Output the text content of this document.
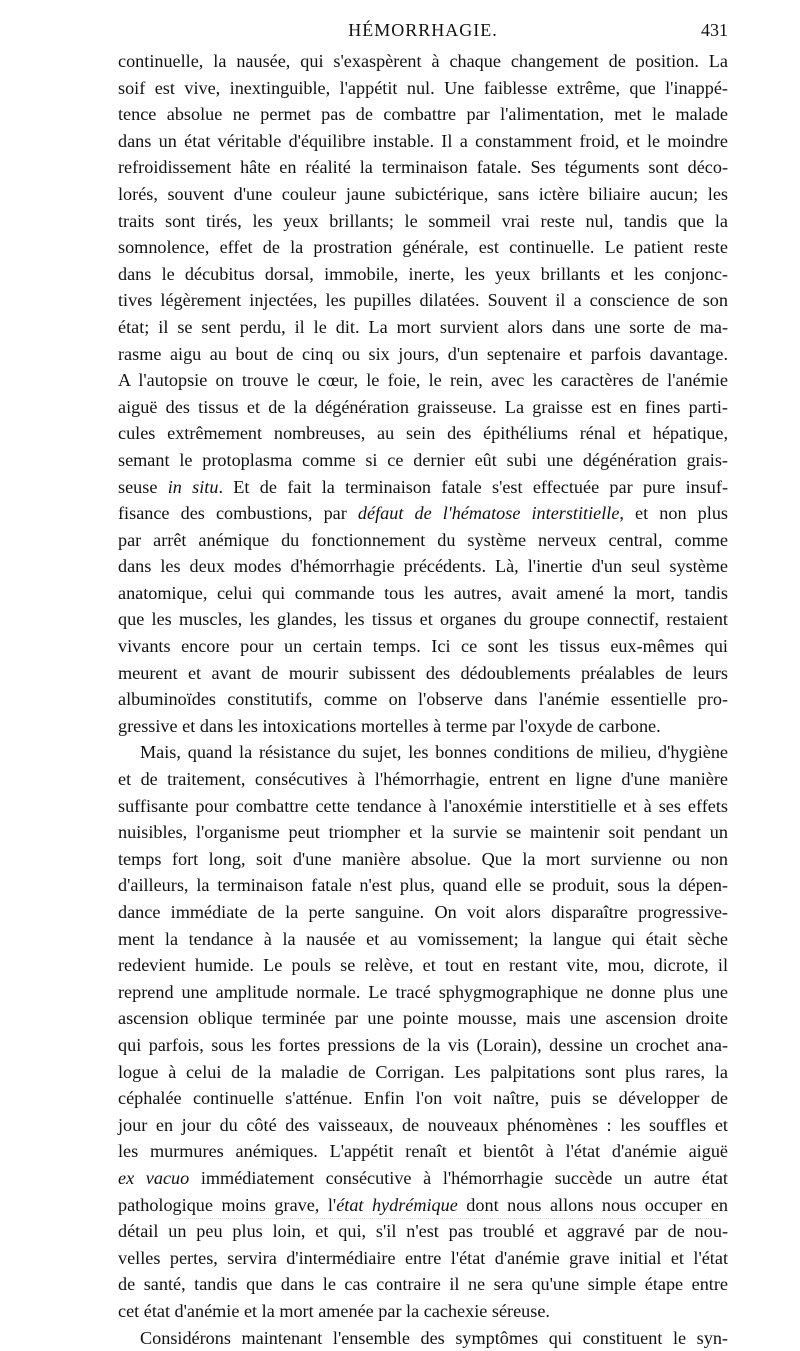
HÉMORRHAGIE.	431
continuelle, la nausée, qui s'exaspèrent à chaque changement de position. La
soif est vive, inextinguible, l'appétit nul. Une faiblesse extrême, que l'inappé-
tence absolue ne permet pas de combattre par l'alimentation, met le malade
dans un état véritable d'équilibre instable. Il a constamment froid, et le moindre
refroidissement hâte en réalité la terminaison fatale. Ses téguments sont déco-
lorés, souvent d'une couleur jaune subictérique, sans ictère biliaire aucun; les
traits sont tirés, les yeux brillants; le sommeil vrai reste nul, tandis que la
somnolence, effet de la prostration générale, est continuelle. Le patient reste
dans le décubitus dorsal, immobile, inerte, les yeux brillants et les conjonc-
tives légèrement injectées, les pupilles dilatées. Souvent il a conscience de son
état; il se sent perdu, il le dit. La mort survient alors dans une sorte de ma-
rasme aigu au bout de cinq ou six jours, d'un septenaire et parfois davantage.
A l'autopsie on trouve le cœur, le foie, le rein, avec les caractères de l'anémie
aiguë des tissus et de la dégénération graisseuse. La graisse est en fines parti-
cules extrêmement nombreuses, au sein des épithéliums rénal et hépatique,
semant le protoplasma comme si ce dernier eût subi une dégénération grais-
seuse in situ. Et de fait la terminaison fatale s'est effectuée par pure insuf-
fisance des combustions, par défaut de l'hématose interstitielle, et non plus
par arrêt anémique du fonctionnement du système nerveux central, comme
dans les deux modes d'hémorrhagie précédents. Là, l'inertie d'un seul système
anatomique, celui qui commande tous les autres, avait amené la mort, tandis
que les muscles, les glandes, les tissus et organes du groupe connectif, restaient
vivants encore pour un certain temps. Ici ce sont les tissus eux-mêmes qui
meurent et avant de mourir subissent des dédoublements préalables de leurs
albuminoïdes constitutifs, comme on l'observe dans l'anémie essentielle pro-
gressive et dans les intoxications mortelles à terme par l'oxyde de carbone.
Mais, quand la résistance du sujet, les bonnes conditions de milieu, d'hygiène
et de traitement, consécutives à l'hémorrhagie, entrent en ligne d'une manière
suffisante pour combattre cette tendance à l'anoxémie interstitielle et à ses effets
nuisibles, l'organisme peut triompher et la survie se maintenir soit pendant un
temps fort long, soit d'une manière absolue. Que la mort survienne ou non
d'ailleurs, la terminaison fatale n'est plus, quand elle se produit, sous la dépen-
dance immédiate de la perte sanguine. On voit alors disparaître progressive-
ment la tendance à la nausée et au vomissement; la langue qui était sèche
redevient humide. Le pouls se relève, et tout en restant vite, mou, dicrote, il
reprend une amplitude normale. Le tracé sphygmographique ne donne plus une
ascension oblique terminée par une pointe mousse, mais une ascension droite
qui parfois, sous les fortes pressions de la vis (Lorain), dessine un crochet ana-
logue à celui de la maladie de Corrigan. Les palpitations sont plus rares, la
céphalée continuelle s'atténue. Enfin l'on voit naître, puis se développer de
jour en jour du côté des vaisseaux, de nouveaux phénomènes : les souffles et
les murmures anémiques. L'appétit renaît et bientôt à l'état d'anémie aiguë
ex vacuo immédiatement consécutive à l'hémorrhagie succède un autre état
pathologique moins grave, l'état hydrémique dont nous allons nous occuper en
détail un peu plus loin, et qui, s'il n'est pas troublé et aggravé par de nou-
velles pertes, servira d'intermédiaire entre l'état d'anémie grave initial et l'état
de santé, tandis que dans le cas contraire il ne sera qu'une simple étape entre
cet état d'anémie et la mort amenée par la cachexie séreuse.
Considérons maintenant l'ensemble des symptômes qui constituent le syn-
